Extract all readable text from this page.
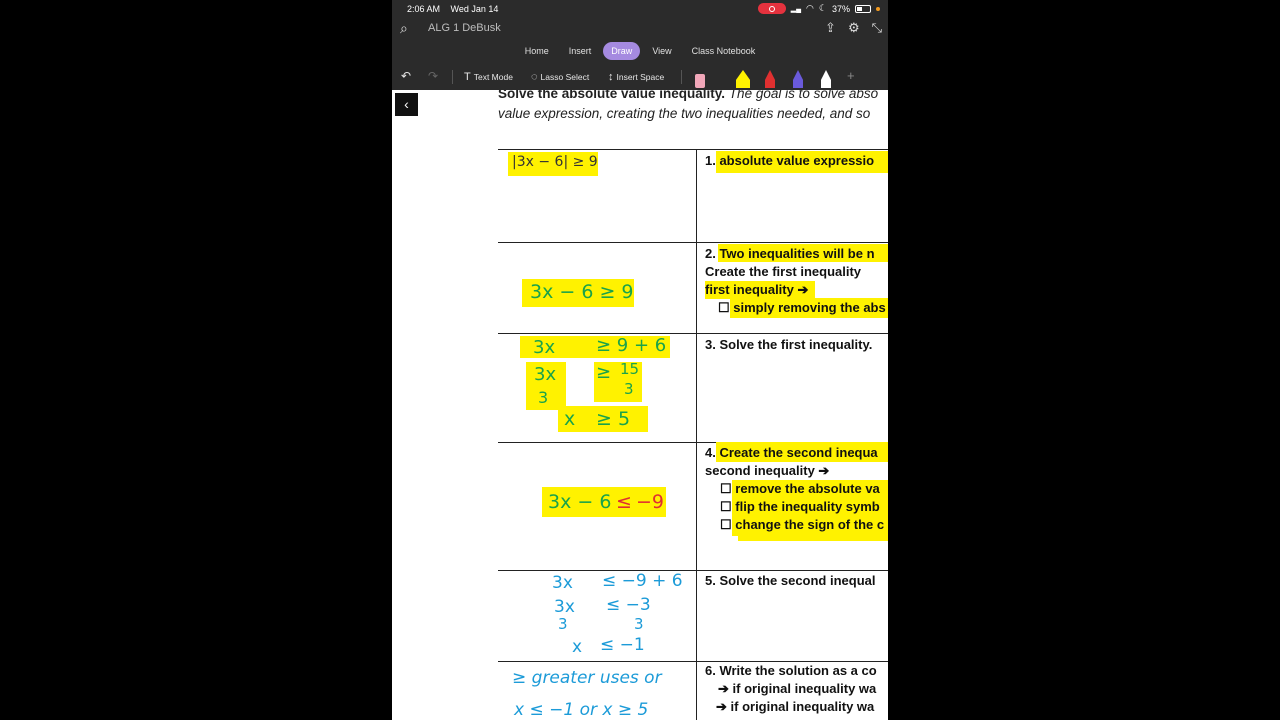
2:06 AM Wed Jan 14	▂▄ ◠ ☾ 37%
⌕ ALG 1 DeBusk	⇪ ⚙ ⤡
Home	Insert	Draw	View	Class Notebook
↶ ↷ T Text Mode ◌ Lasso Select ↕ Insert Space	+
‹
Solve the absolute value inequality. The goal is to solve abso
value expression, creating the two inequalities needed, and so
|3x − 6| ≥ 9	1. absolute value expressio
3x − 6 ≥ 9
2. Two inequalities will be n
Create the first inequality
first inequality ➔
☐ simply removing the abs
3x ≥ 9 + 6
3x
3
≥ 15
3
x ≥ 5
3. Solve the first inequality.
3x − 6 ≤ −9
4. Create the second inequa
second inequality ➔
☐ remove the absolute va
☐ flip the inequality symb
☐ change the sign of the c
3x ≤ −9 + 6
3x
3
≤ −3
3
x ≤ −1
5. Solve the second inequal
≥ greater uses or
x ≤ −1 or x ≥ 5
6. Write the solution as a co
➔ if original inequality wa
➔ if original inequality wa
